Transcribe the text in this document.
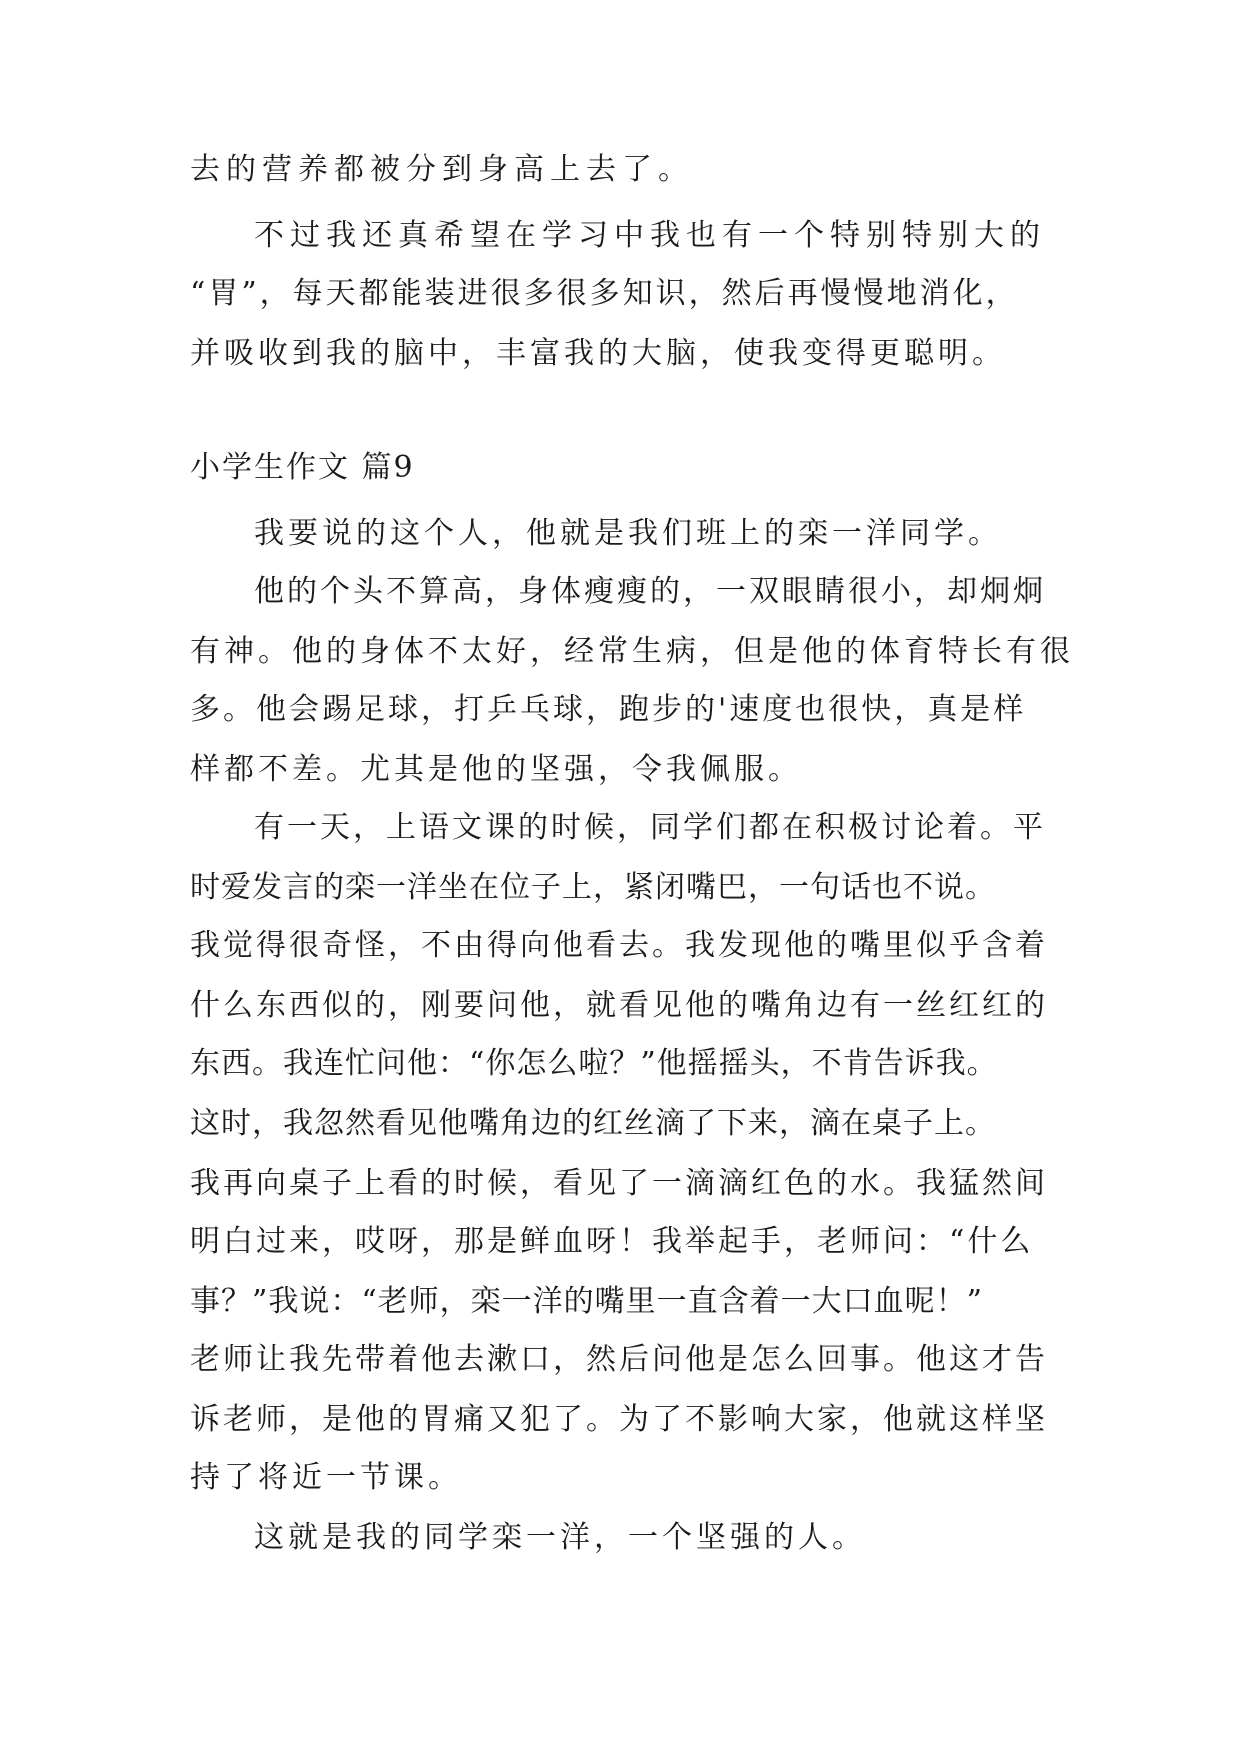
去的营养都被分到身高上去了。

不过我还真希望在学习中我也有一个特别特别大的

“胃”，每天都能装进很多很多知识，然后再慢慢地消化，

并吸收到我的脑中，丰富我的大脑，使我变得更聪明。

小学生作文 篇9

我要说的这个人，他就是我们班上的栾一洋同学。

他的个头不算高，身体瘦瘦的，一双眼睛很小，却炯炯

有神。他的身体不太好，经常生病，但是他的体育特长有很

多。他会踢足球，打乒乓球，跑步的'速度也很快，真是样

样都不差。尤其是他的坚强，令我佩服。

有一天，上语文课的时候，同学们都在积极讨论着。平

时爱发言的栾一洋坐在位子上，紧闭嘴巴，一句话也不说。

我觉得很奇怪，不由得向他看去。我发现他的嘴里似乎含着

什么东西似的，刚要问他，就看见他的嘴角边有一丝红红的

东西。我连忙问他：“你怎么啦？”他摇摇头，不肯告诉我。

这时，我忽然看见他嘴角边的红丝滴了下来，滴在桌子上。

我再向桌子上看的时候，看见了一滴滴红色的水。我猛然间

明白过来，哎呀，那是鲜血呀！我举起手，老师问：“什么

事？”我说：“老师，栾一洋的嘴里一直含着一大口血呢！”

老师让我先带着他去漱口，然后问他是怎么回事。他这才告

诉老师，是他的胃痛又犯了。为了不影响大家，他就这样坚

持了将近一节课。

这就是我的同学栾一洋，一个坚强的人。
